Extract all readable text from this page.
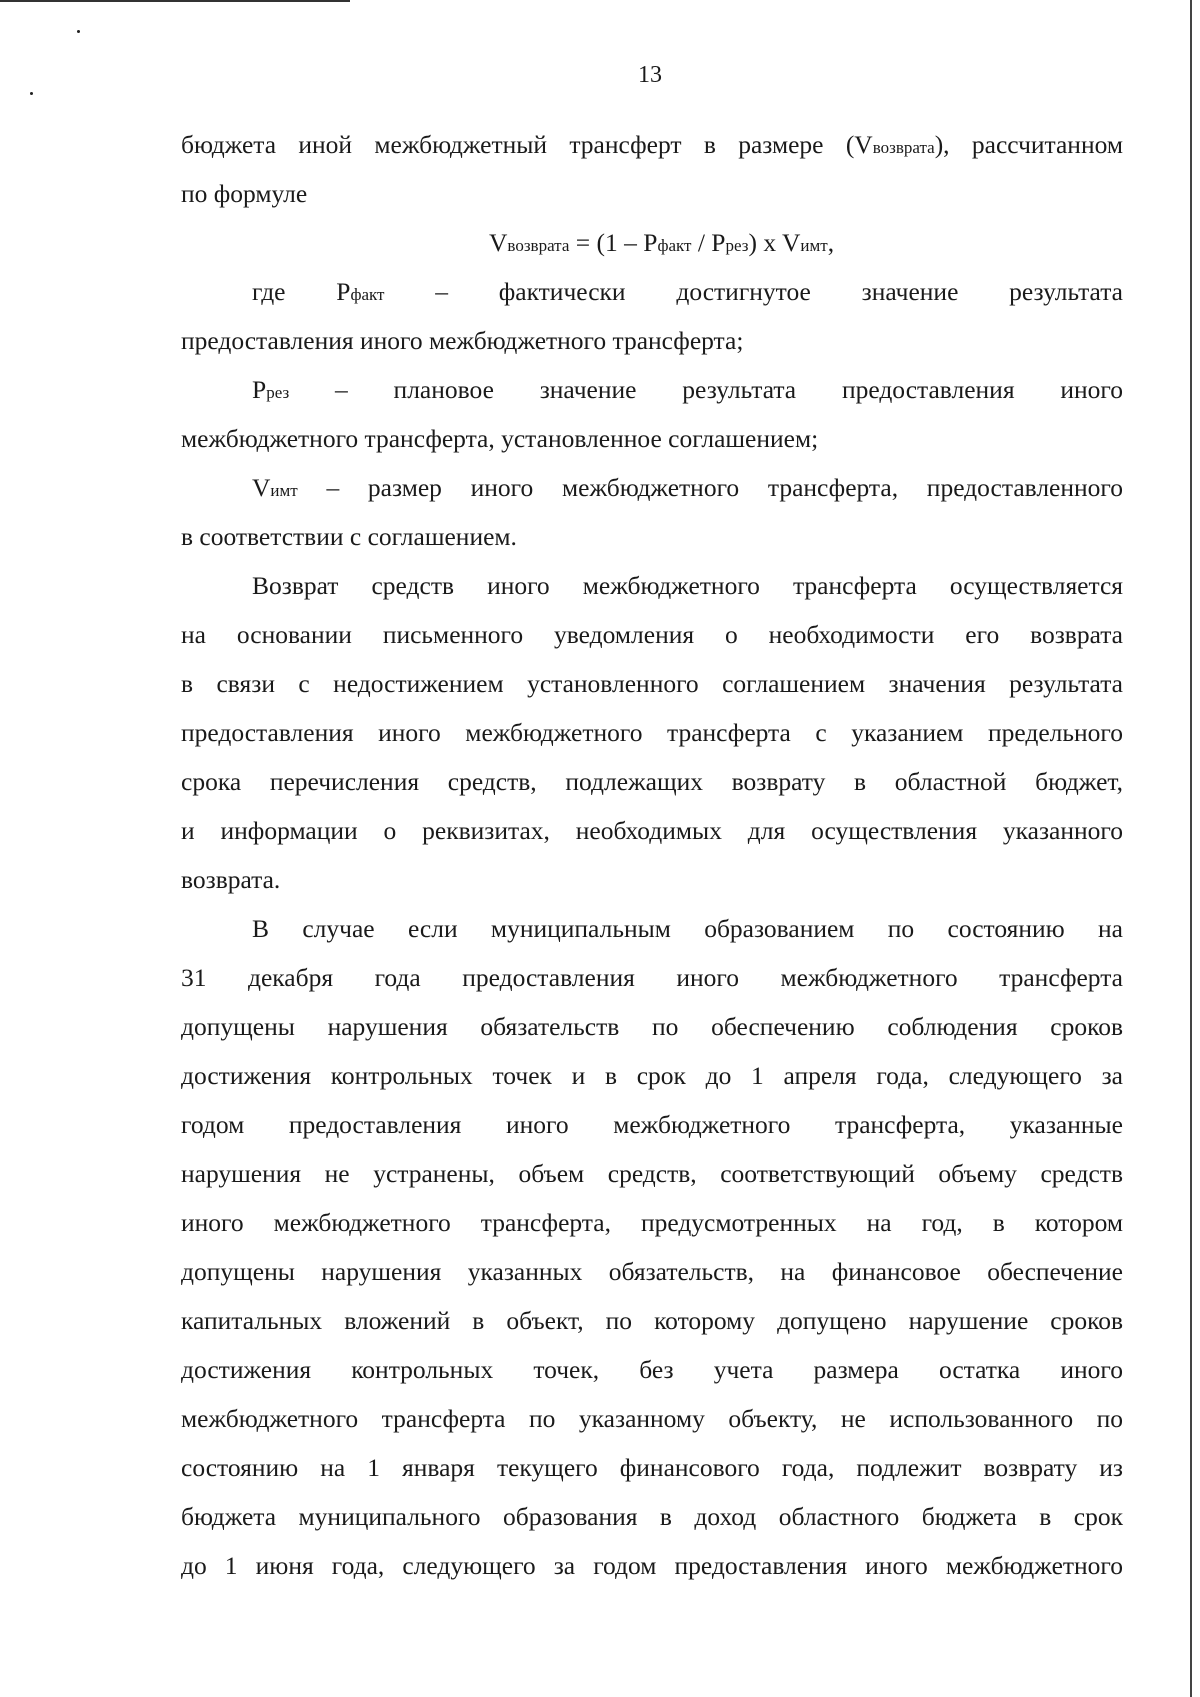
13
бюджета иной межбюджетный трансферт в размере (Vвозврата), рассчитанном
по формуле
Vвозврата = (1 – Pфакт / Pрез) x Vимт,
где Pфакт – фактически достигнутое значение результата
предоставления иного межбюджетного трансферта;
Pрез – плановое значение результата предоставления иного
межбюджетного трансферта, установленное соглашением;
Vимт – размер иного межбюджетного трансферта, предоставленного
в соответствии с соглашением.
Возврат средств иного межбюджетного трансферта осуществляется
на основании письменного уведомления о необходимости его возврата
в связи с недостижением установленного соглашением значения результата
предоставления иного межбюджетного трансферта с указанием предельного
срока перечисления средств, подлежащих возврату в областной бюджет,
и информации о реквизитах, необходимых для осуществления указанного
возврата.
В случае если муниципальным образованием по состоянию на
31 декабря года предоставления иного межбюджетного трансферта
допущены нарушения обязательств по обеспечению соблюдения сроков
достижения контрольных точек и в срок до 1 апреля года, следующего за
годом предоставления иного межбюджетного трансферта, указанные
нарушения не устранены, объем средств, соответствующий объему средств
иного межбюджетного трансферта, предусмотренных на год, в котором
допущены нарушения указанных обязательств, на финансовое обеспечение
капитальных вложений в объект, по которому допущено нарушение сроков
достижения контрольных точек, без учета размера остатка иного
межбюджетного трансферта по указанному объекту, не использованного по
состоянию на 1 января текущего финансового года, подлежит возврату из
бюджета муниципального образования в доход областного бюджета в срок
до 1 июня года, следующего за годом предоставления иного межбюджетного
